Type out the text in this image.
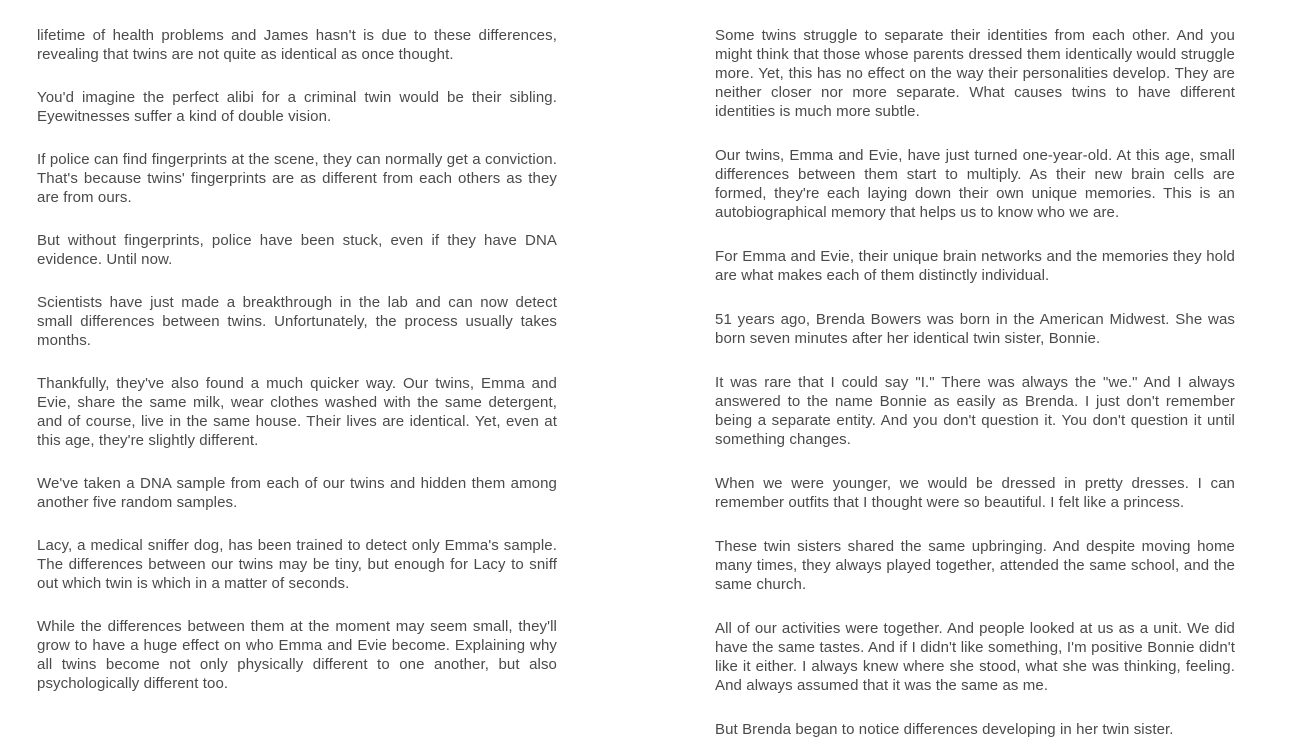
lifetime of health problems and James hasn't is due to these differences, revealing that twins are not quite as identical as once thought.

You'd imagine the perfect alibi for a criminal twin would be their sibling. Eyewitnesses suffer a kind of double vision.

If police can find fingerprints at the scene, they can normally get a conviction. That's because twins' fingerprints are as different from each others as they are from ours.

But without fingerprints, police have been stuck, even if they have DNA evidence. Until now.

Scientists have just made a breakthrough in the lab and can now detect small differences between twins. Unfortunately, the process usually takes months.

Thankfully, they've also found a much quicker way. Our twins, Emma and Evie, share the same milk, wear clothes washed with the same detergent, and of course, live in the same house. Their lives are identical. Yet, even at this age, they're slightly different.

We've taken a DNA sample from each of our twins and hidden them among another five random samples.

Lacy, a medical sniffer dog, has been trained to detect only Emma's sample. The differences between our twins may be tiny, but enough for Lacy to sniff out which twin is which in a matter of seconds.

While the differences between them at the moment may seem small, they'll grow to have a huge effect on who Emma and Evie become. Explaining why all twins become not only physically different to one another, but also psychologically different too.

Some twins struggle to separate their identities from each other. And you might think that those whose parents dressed them identically would struggle more. Yet, this has no effect on the way their personalities develop. They are neither closer nor more separate. What causes twins to have different identities is much more subtle.

Our twins, Emma and Evie, have just turned one-year-old. At this age, small differences between them start to multiply. As their new brain cells are formed, they're each laying down their own unique memories. This is an autobiographical memory that helps us to know who we are.

For Emma and Evie, their unique brain networks and the memories they hold are what makes each of them distinctly individual.

51 years ago, Brenda Bowers was born in the American Midwest. She was born seven minutes after her identical twin sister, Bonnie.

It was rare that I could say "I." There was always the "we." And I always answered to the name Bonnie as easily as Brenda. I just don't remember being a separate entity. And you don't question it. You don't question it until something changes.

When we were younger, we would be dressed in pretty dresses. I can remember outfits that I thought were so beautiful. I felt like a princess.

These twin sisters shared the same upbringing. And despite moving home many times, they always played together, attended the same school, and the same church.

All of our activities were together. And people looked at us as a unit. We did have the same tastes. And if I didn't like something, I'm positive Bonnie didn't like it either. I always knew where she stood, what she was thinking, feeling. And always assumed that it was the same as me.

But Brenda began to notice differences developing in her twin sister.
